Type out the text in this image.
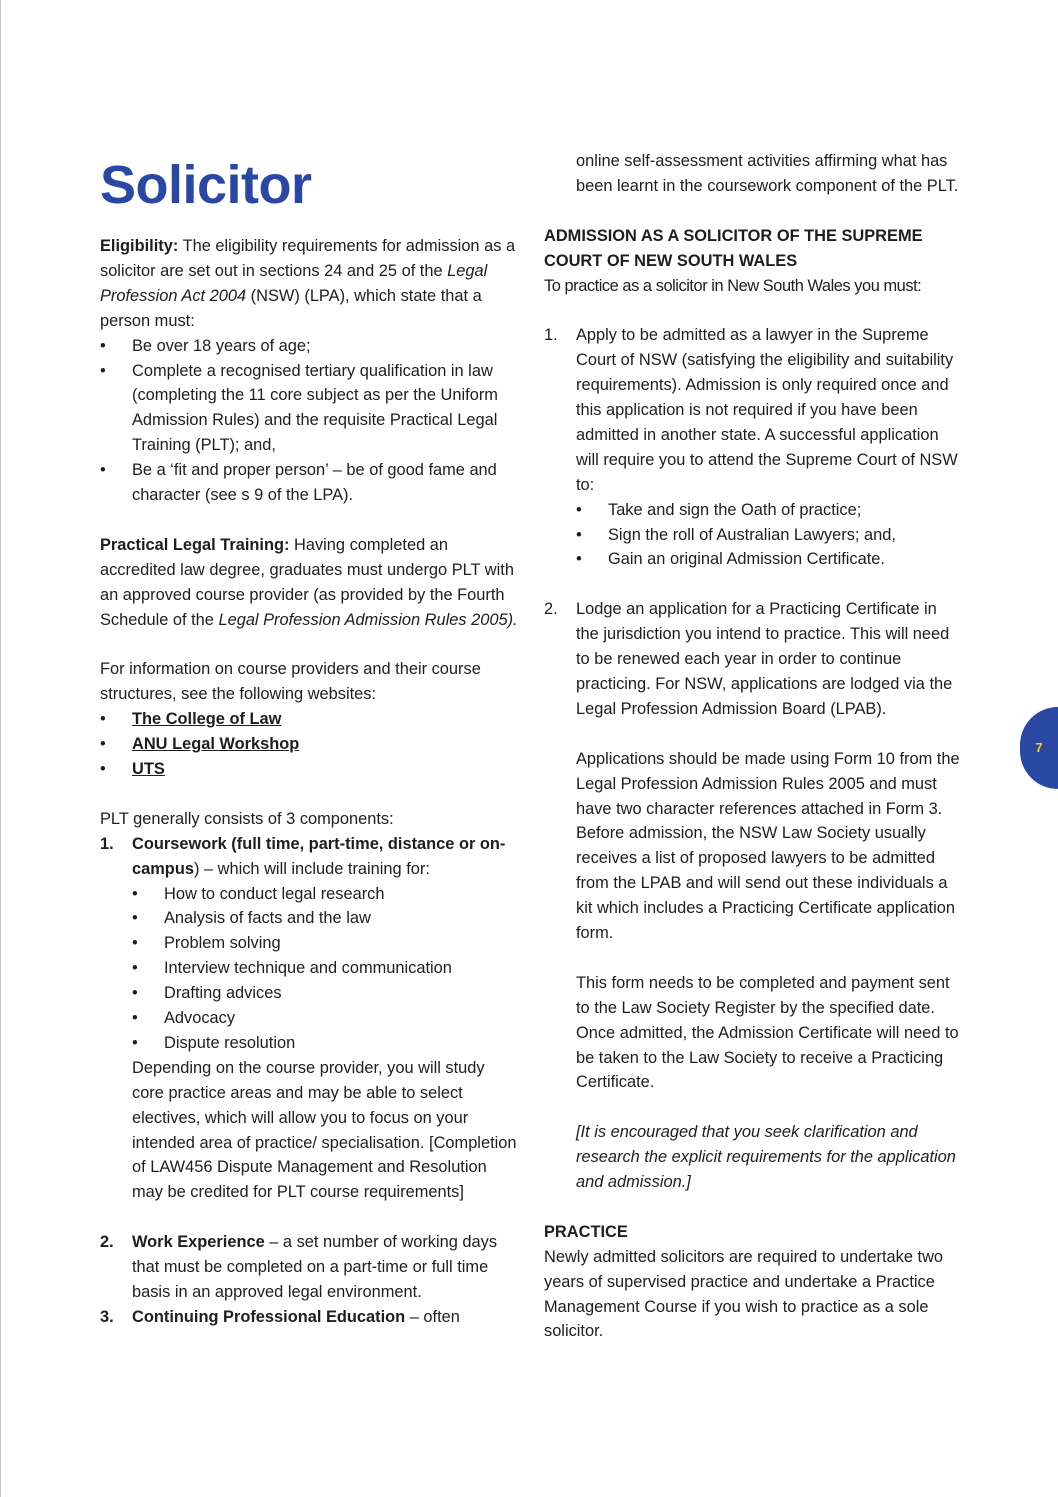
Solicitor

Eligibility: The eligibility requirements for admission as a solicitor are set out in sections 24 and 25 of the Legal Profession Act 2004 (NSW) (LPA), which state that a person must:

• Be over 18 years of age;
• Complete a recognised tertiary qualification in law (completing the 11 core subject as per the Uniform Admission Rules) and the requisite Practical Legal Training (PLT); and,
• Be a ‘fit and proper person’ – be of good fame and character (see s 9 of the LPA).

Practical Legal Training: Having completed an accredited law degree, graduates must undergo PLT with an approved course provider (as provided by the Fourth Schedule of the Legal Profession Admission Rules 2005).

For information on course providers and their course structures, see the following websites:

• The College of Law
• ANU Legal Workshop
• UTS

PLT generally consists of 3 components:

1. Coursework (full time, part-time, distance or on-campus) – which will include training for:
• How to conduct legal research
• Analysis of facts and the law
• Problem solving
• Interview technique and communication
• Drafting advices
• Advocacy
• Dispute resolution

Depending on the course provider, you will study core practice areas and may be able to select electives, which will allow you to focus on your intended area of practice/ specialisation. [Completion of LAW456 Dispute Management and Resolution may be credited for PLT course requirements]

2. Work Experience – a set number of working days that must be completed on a part-time or full time basis in an approved legal environment.
3. Continuing Professional Education – often

online self-assessment activities affirming what has been learnt in the coursework component of the PLT.

ADMISSION AS A SOLICITOR OF THE SUPREME COURT OF NEW SOUTH WALES

To practice as a solicitor in New South Wales you must:

1. Apply to be admitted as a lawyer in the Supreme Court of NSW (satisfying the eligibility and suitability requirements). Admission is only required once and this application is not required if you have been admitted in another state. A successful application will require you to attend the Supreme Court of NSW to:

• Take and sign the Oath of practice;
• Sign the roll of Australian Lawyers; and,
• Gain an original Admission Certificate.
2. Lodge an application for a Practicing Certificate in the jurisdiction you intend to practice. This will need to be renewed each year in order to continue practicing. For NSW, applications are lodged via the Legal Profession Admission Board (LPAB).

Applications should be made using Form 10 from the Legal Profession Admission Rules 2005 and must have two character references attached in Form 3. Before admission, the NSW Law Society usually receives a list of proposed lawyers to be admitted from the LPAB and will send out these individuals a kit which includes a Practicing Certificate application form.

This form needs to be completed and payment sent to the Law Society Register by the specified date. Once admitted, the Admission Certificate will need to be taken to the Law Society to receive a Practicing Certificate.

[It is encouraged that you seek clarification and research the explicit requirements for the application and admission.]

PRACTICE

Newly admitted solicitors are required to undertake two years of supervised practice and undertake a Practice Management Course if you wish to practice as a sole solicitor.

7
